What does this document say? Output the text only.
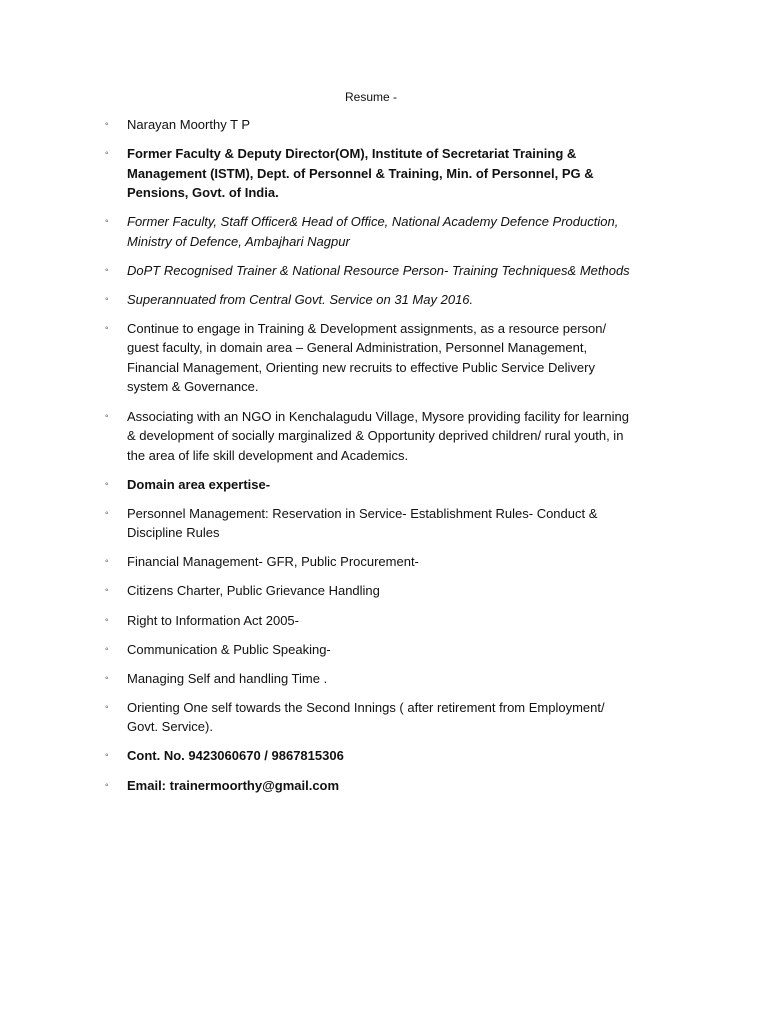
Resume -
◦	Narayan Moorthy T P
◦	Former Faculty & Deputy Director(OM), Institute of Secretariat Training & Management (ISTM), Dept. of Personnel & Training, Min. of Personnel, PG & Pensions, Govt. of India.
◦	Former Faculty, Staff Officer& Head of Office, National Academy Defence Production, Ministry of Defence, Ambajhari Nagpur
◦	DoPT Recognised Trainer & National Resource Person- Training Techniques& Methods
◦	Superannuated from Central Govt. Service on 31 May 2016.
◦	Continue to engage in Training & Development assignments, as a resource person/ guest faculty, in domain area – General Administration, Personnel Management, Financial Management, Orienting new recruits to effective Public Service Delivery system & Governance.
◦	Associating with an NGO in Kenchalagudu Village, Mysore providing facility for learning & development of socially marginalized & Opportunity deprived children/ rural youth, in the area of life skill development and Academics.
◦	Domain area expertise-
◦	Personnel Management: Reservation in Service- Establishment Rules- Conduct & Discipline Rules
◦	Financial Management- GFR, Public Procurement-
◦	Citizens Charter, Public Grievance Handling
◦	Right to Information Act 2005-
◦	Communication & Public Speaking-
◦	Managing Self and handling Time .
◦	Orienting One self towards the Second Innings ( after retirement from Employment/ Govt. Service).
◦	Cont. No. 9423060670 / 9867815306
◦	Email: trainermoorthy@gmail.com
